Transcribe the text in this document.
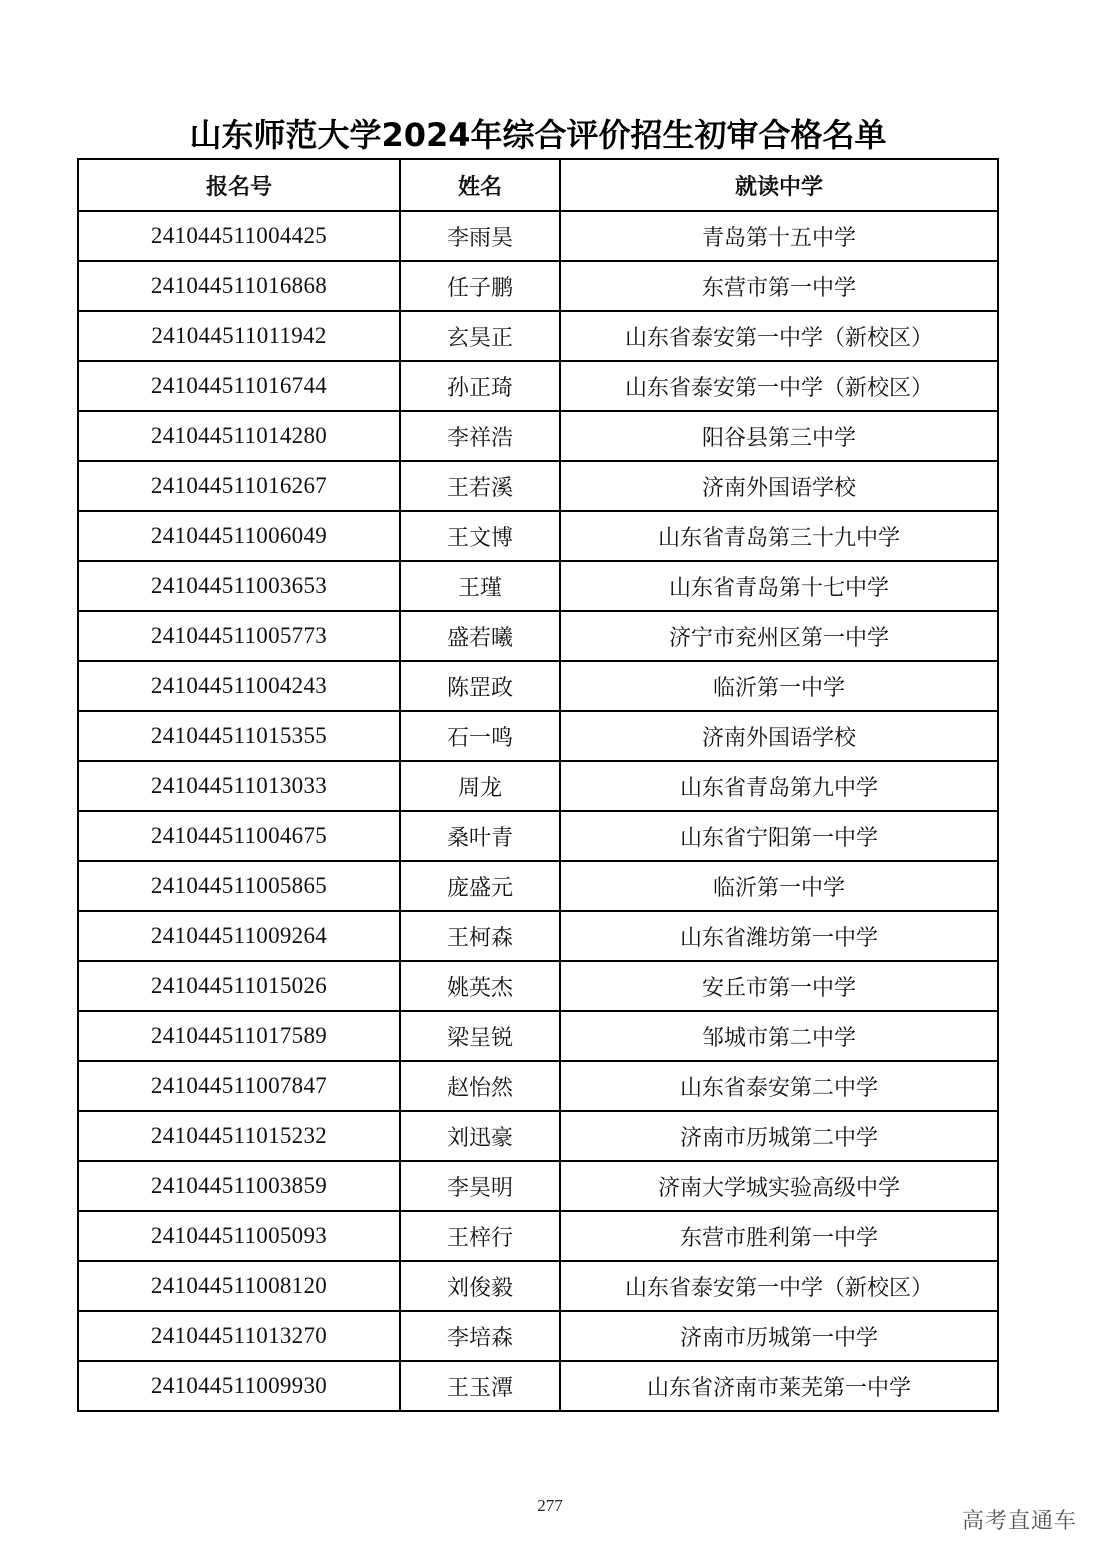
山东师范大学2024年综合评价招生初审合格名单
报名号	姓名	就读中学
241044511004425	李雨昊	青岛第十五中学
241044511016868	任子鹏	东营市第一中学
241044511011942	玄昊正	山东省泰安第一中学（新校区）
241044511016744	孙正琦	山东省泰安第一中学（新校区）
241044511014280	李祥浩	阳谷县第三中学
241044511016267	王若溪	济南外国语学校
241044511006049	王文博	山东省青岛第三十九中学
241044511003653	王瑾	山东省青岛第十七中学
241044511005773	盛若曦	济宁市兖州区第一中学
241044511004243	陈罡政	临沂第一中学
241044511015355	石一鸣	济南外国语学校
241044511013033	周龙	山东省青岛第九中学
241044511004675	桑叶青	山东省宁阳第一中学
241044511005865	庞盛元	临沂第一中学
241044511009264	王柯森	山东省潍坊第一中学
241044511015026	姚英杰	安丘市第一中学
241044511017589	梁呈锐	邹城市第二中学
241044511007847	赵怡然	山东省泰安第二中学
241044511015232	刘迅豪	济南市历城第二中学
241044511003859	李昊明	济南大学城实验高级中学
241044511005093	王梓行	东营市胜利第一中学
241044511008120	刘俊毅	山东省泰安第一中学（新校区）
241044511013270	李培森	济南市历城第一中学
241044511009930	王玉潭	山东省济南市莱芜第一中学
277
高考直通车
